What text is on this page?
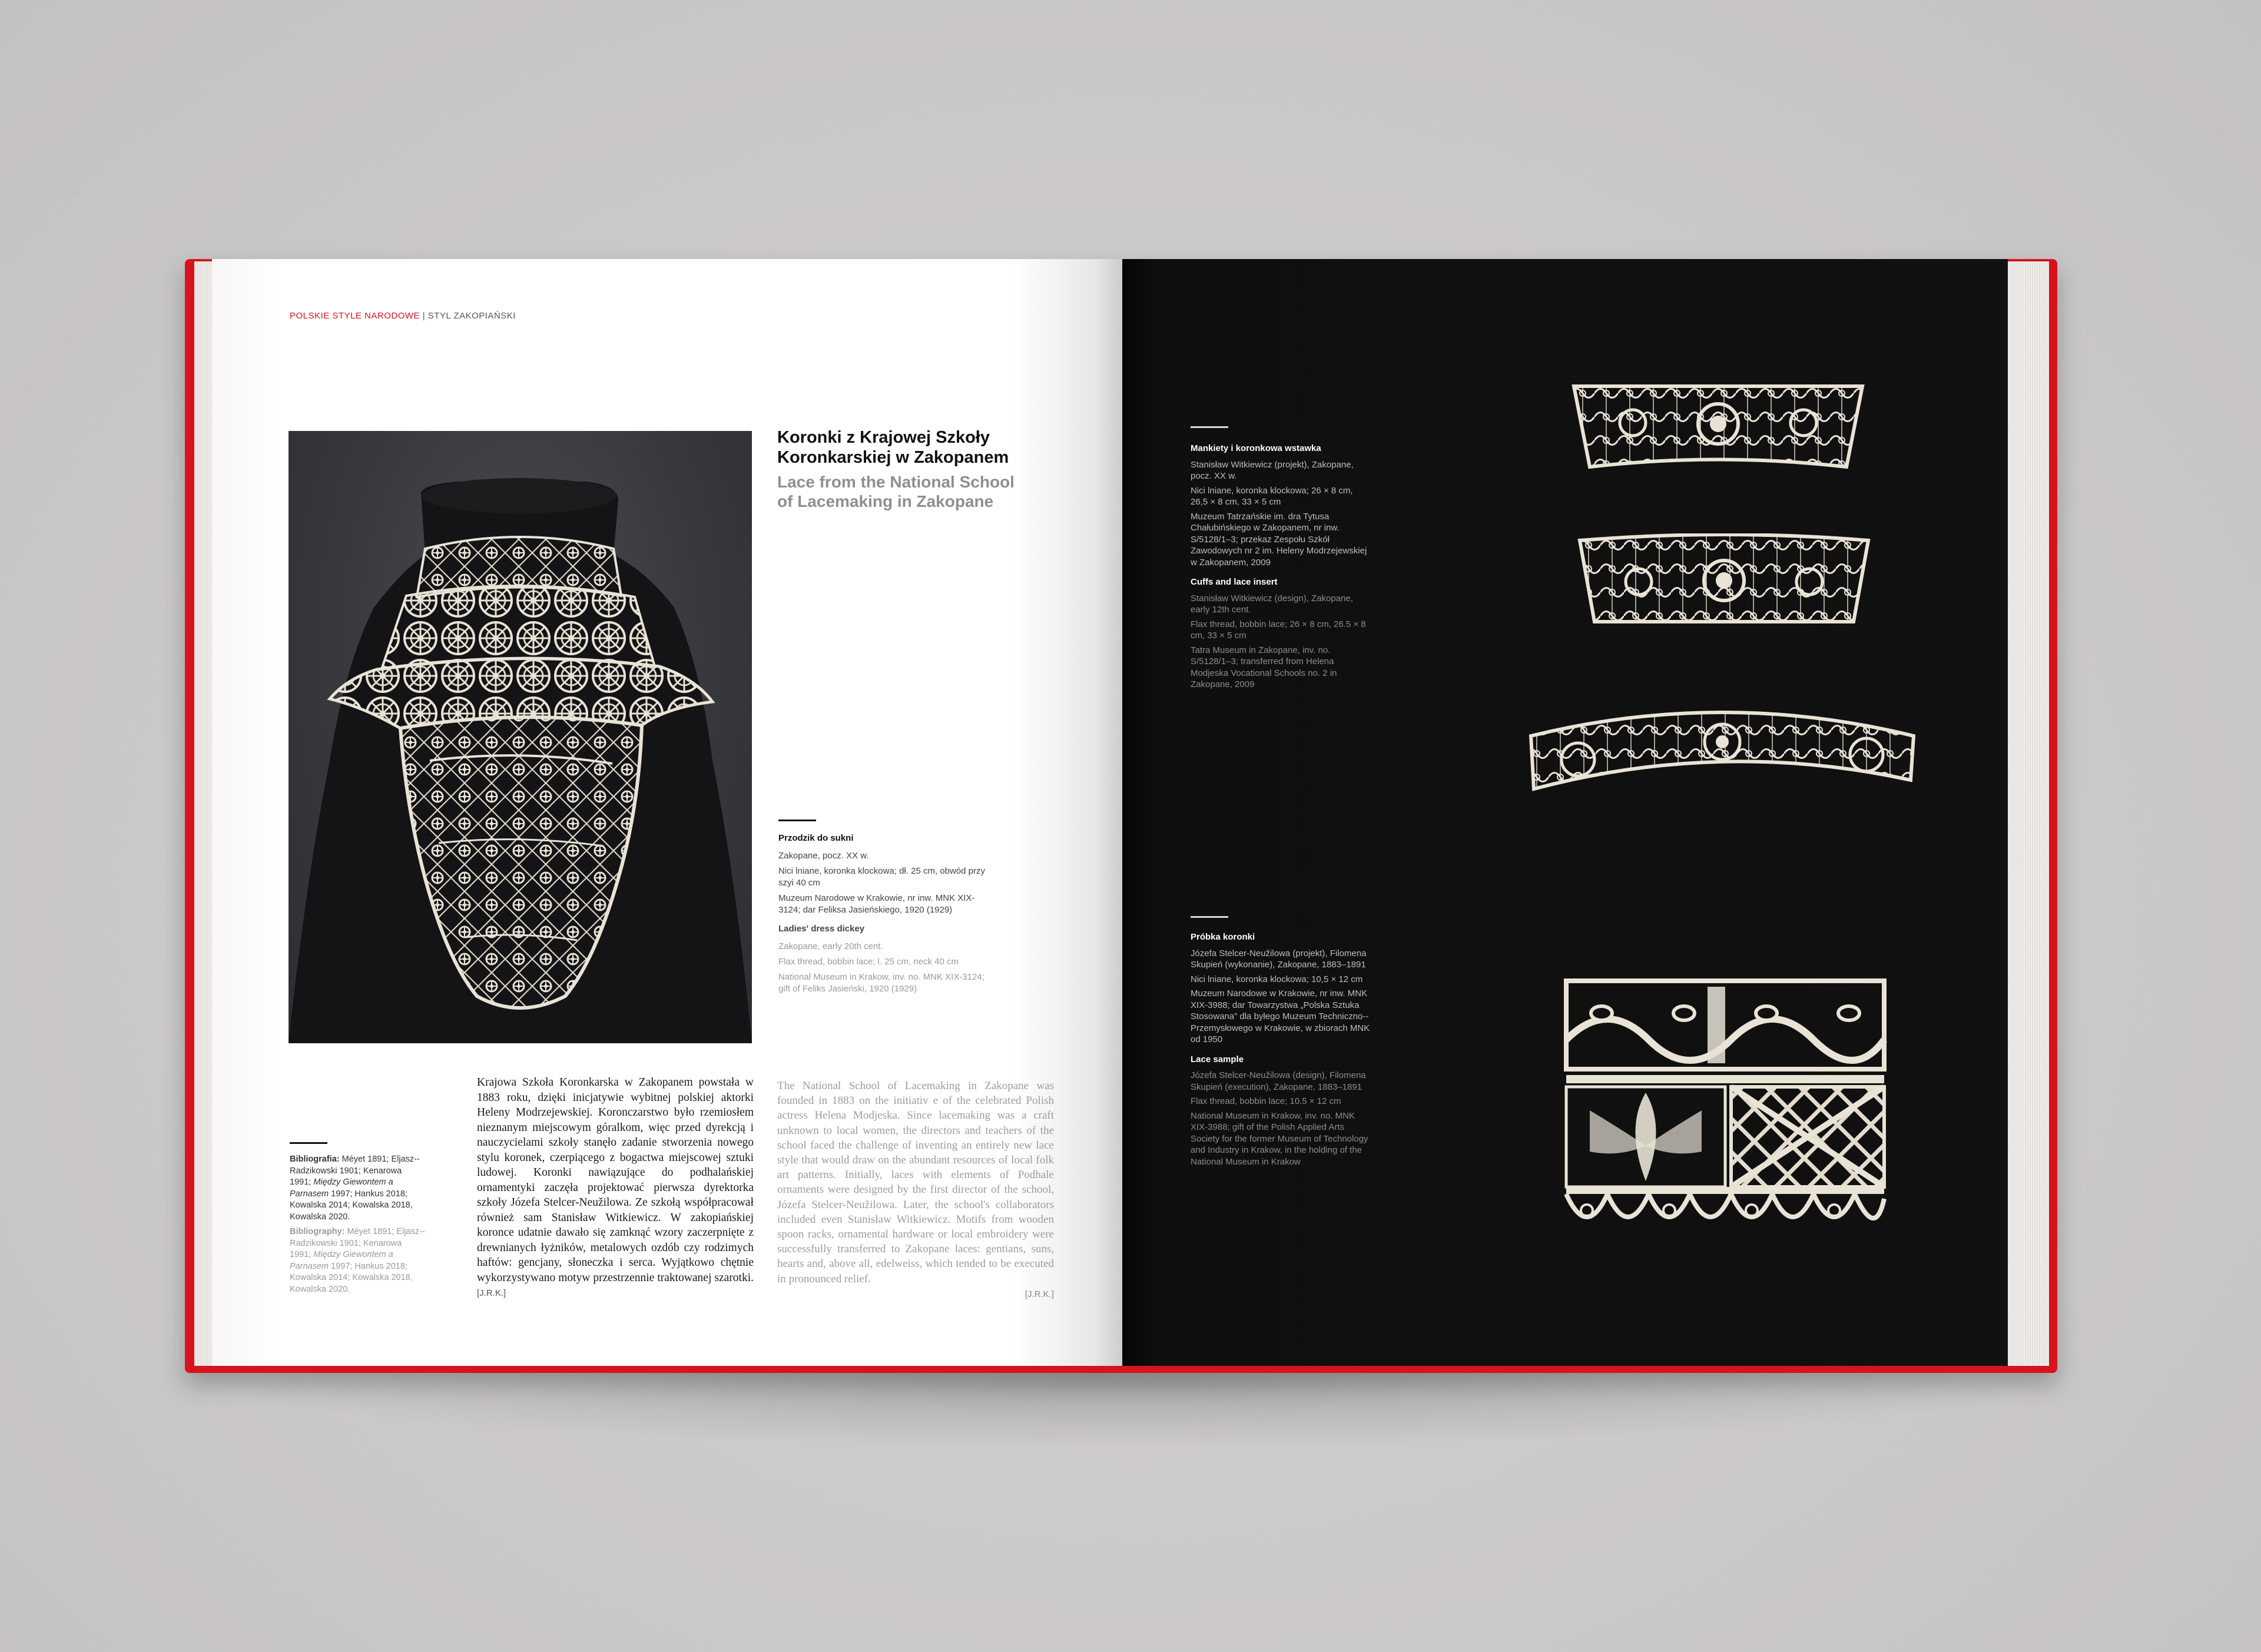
POLSKIE STYLE NARODOWE | STYL ZAKOPIAŃSKI
Koronki z Krajowej Szkoły Koronkarskiej w Zakopanem
Lace from the National School of Lacemaking in Zakopane

Przodzik do sukni

Zakopane, pocz. XX w.

Nici lniane, koronka klockowa; dł. 25 cm, obwód przy szyi 40 cm

Muzeum Narodowe w Krakowie, nr inw. MNK XIX-3124; dar Feliksa Jasieńskiego, 1920 (1929)

Ladies' dress dickey

Zakopane, early 20th cent.

Flax thread, bobbin lace; l. 25 cm, neck 40 cm

National Museum in Krakow, inv. no. MNK XIX-3124; gift of Feliks Jasieński, 1920 (1929)

Bibliografia: Méyet 1891; Eljasz--Radzikowski 1901; Kenarowa 1991; Między Giewontem a Parnasem 1997; Hankus 2018; Kowalska 2014; Kowalska 2018, Kowalska 2020.

Bibliography: Méyet 1891; Eljasz--Radzikowski 1901; Kenarowa 1991; Między Giewontem a Parnasem 1997; Hankus 2018; Kowalska 2014; Kowalska 2018, Kowalska 2020.

Krajowa Szkoła Koronkarska w Zakopanem powstała w 1883 roku, dzięki inicjatywie wybitnej polskiej aktorki Heleny Modrzejewskiej. Koronczarstwo było rzemiosłem nieznanym miejscowym góralkom, więc przed dyrekcją i nauczycielami szkoły stanęło zadanie stworzenia nowego stylu koronek, czerpiącego z bogactwa miejscowej sztuki ludowej. Koronki nawiązujące do podhalańskiej ornamentyki zaczęła projektować pierwsza dyrektorka szkoły Józefa Stelcer-Neužilowa. Ze szkołą współpracował również sam Stanisław Witkiewicz. W zakopiańskiej koronce udatnie dawało się zamknąć wzory zaczerpnięte z drewnianych łyżników, metalowych ozdób czy rodzimych haftów: gencjany, słoneczka i serca. Wyjątkowo chętnie wykorzystywano motyw przestrzennie traktowanej szarotki. [J.R.K.]
The National School of Lacemaking in Zakopane was founded in 1883 on the initiativ e of the celebrated Polish actress Helena Modjeska. Since lacemaking was a craft unknown to local women, the directors and teachers of the school faced the challenge of inventing an entirely new lace style that would draw on the abundant resources of local folk art patterns. Initially, laces with elements of Podhale ornaments were designed by the first director of the school, Józefa Stelcer-Neužilowa. Later, the school's collaborators included even Stanisław Witkiewicz. Motifs from wooden spoon racks, ornamental hardware or local embroidery were successfully transferred to Zakopane laces: gentians, suns, hearts and, above all, edelweiss, which tended to be executed in pronounced relief.
[J.R.K.]

Mankiety i koronkowa wstawka

Stanisław Witkiewicz (projekt), Zakopane, pocz. XX w.

Nici lniane, koronka klockowa; 26 × 8 cm, 26,5 × 8 cm, 33 × 5 cm

Muzeum Tatrzańskie im. dra Tytusa Chałubińskiego w Zakopanem, nr inw. S/5128/1–3; przekaz Zespołu Szkół Zawodowych nr 2 im. Heleny Modrzejewskiej w Zakopanem, 2009

Cuffs and lace insert

Stanisław Witkiewicz (design), Zakopane, early 12th cent.

Flax thread, bobbin lace; 26 × 8 cm, 26.5 × 8 cm, 33 × 5 cm

Tatra Museum in Zakopane, inv. no. S/5128/1–3; transferred from Helena Modjeska Vocational Schools no. 2 in Zakopane, 2009

Próbka koronki

Józefa Stelcer-Neužilowa (projekt), Filomena Skupień (wykonanie), Zakopane, 1883–1891

Nici lniane, koronka klockowa; 10,5 × 12 cm

Muzeum Narodowe w Krakowie, nr inw. MNK XIX-3988; dar Towarzystwa „Polska Sztuka Stosowana” dla byłego Muzeum Techniczno--Przemysłowego w Krakowie, w zbiorach MNK od 1950

Lace sample

Józefa Stelcer-Neužilowa (design), Filomena Skupień (execution), Zakopane, 1883–1891

Flax thread, bobbin lace; 10.5 × 12 cm

National Museum in Krakow, inv. no. MNK XIX-3988; gift of the Polish Applied Arts Society for the former Museum of Technology and Industry in Krakow, in the holding of the National Museum in Krakow
